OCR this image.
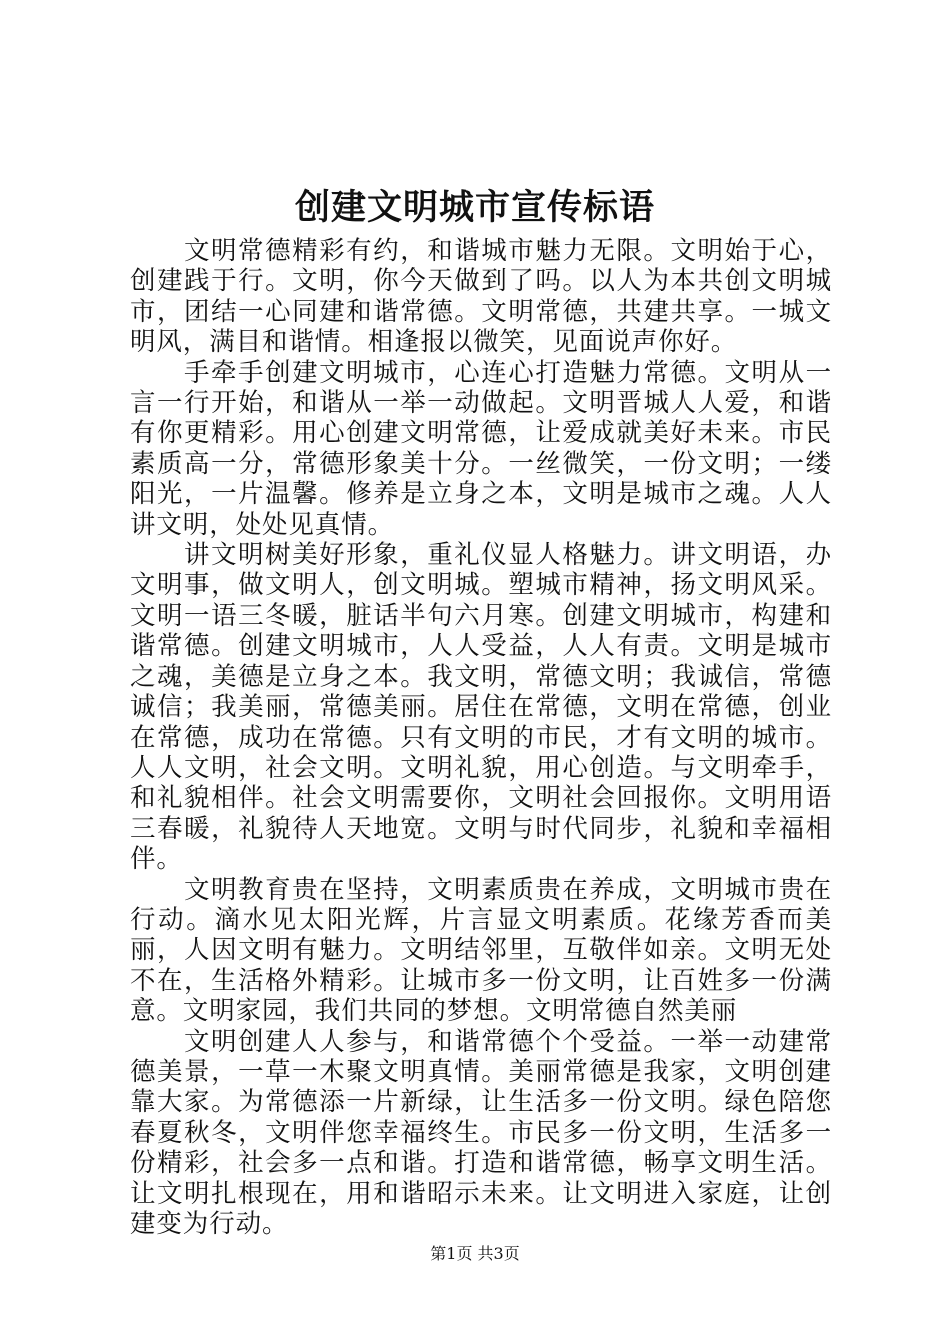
创建文明城市宣传标语

文明常德精彩有约，和谐城市魅力无限。文明始于心，创建践于行。文明，你今天做到了吗。以人为本共创文明城市，团结一心同建和谐常德。文明常德，共建共享。一城文明风，满目和谐情。相逢报以微笑，见面说声你好。

手牵手创建文明城市，心连心打造魅力常德。文明从一言一行开始，和谐从一举一动做起。文明晋城人人爱，和谐有你更精彩。用心创建文明常德，让爱成就美好未来。市民素质高一分，常德形象美十分。一丝微笑，一份文明；一缕阳光，一片温馨。修养是立身之本，文明是城市之魂。人人讲文明，处处见真情。

讲文明树美好形象，重礼仪显人格魅力。讲文明语，办文明事，做文明人，创文明城。塑城市精神，扬文明风采。文明一语三冬暖，脏话半句六月寒。创建文明城市，构建和谐常德。创建文明城市，人人受益，人人有责。文明是城市之魂，美德是立身之本。我文明，常德文明；我诚信，常德诚信；我美丽，常德美丽。居住在常德，文明在常德，创业在常德，成功在常德。只有文明的市民，才有文明的城市。人人文明，社会文明。文明礼貌，用心创造。与文明牵手，和礼貌相伴。社会文明需要你，文明社会回报你。文明用语三春暖，礼貌待人天地宽。文明与时代同步，礼貌和幸福相伴。

文明教育贵在坚持，文明素质贵在养成，文明城市贵在行动。滴水见太阳光辉，片言显文明素质。花缘芳香而美丽，人因文明有魅力。文明结邻里，互敬伴如亲。文明无处不在，生活格外精彩。让城市多一份文明，让百姓多一份满意。文明家园，我们共同的梦想。文明常德自然美丽

文明创建人人参与，和谐常德个个受益。一举一动建常德美景，一草一木聚文明真情。美丽常德是我家，文明创建靠大家。为常德添一片新绿，让生活多一份文明。绿色陪您春夏秋冬，文明伴您幸福终生。市民多一份文明，生活多一份精彩，社会多一点和谐。打造和谐常德，畅享文明生活。让文明扎根现在，用和谐昭示未来。让文明进入家庭，让创建变为行动。

第1页 共3页
